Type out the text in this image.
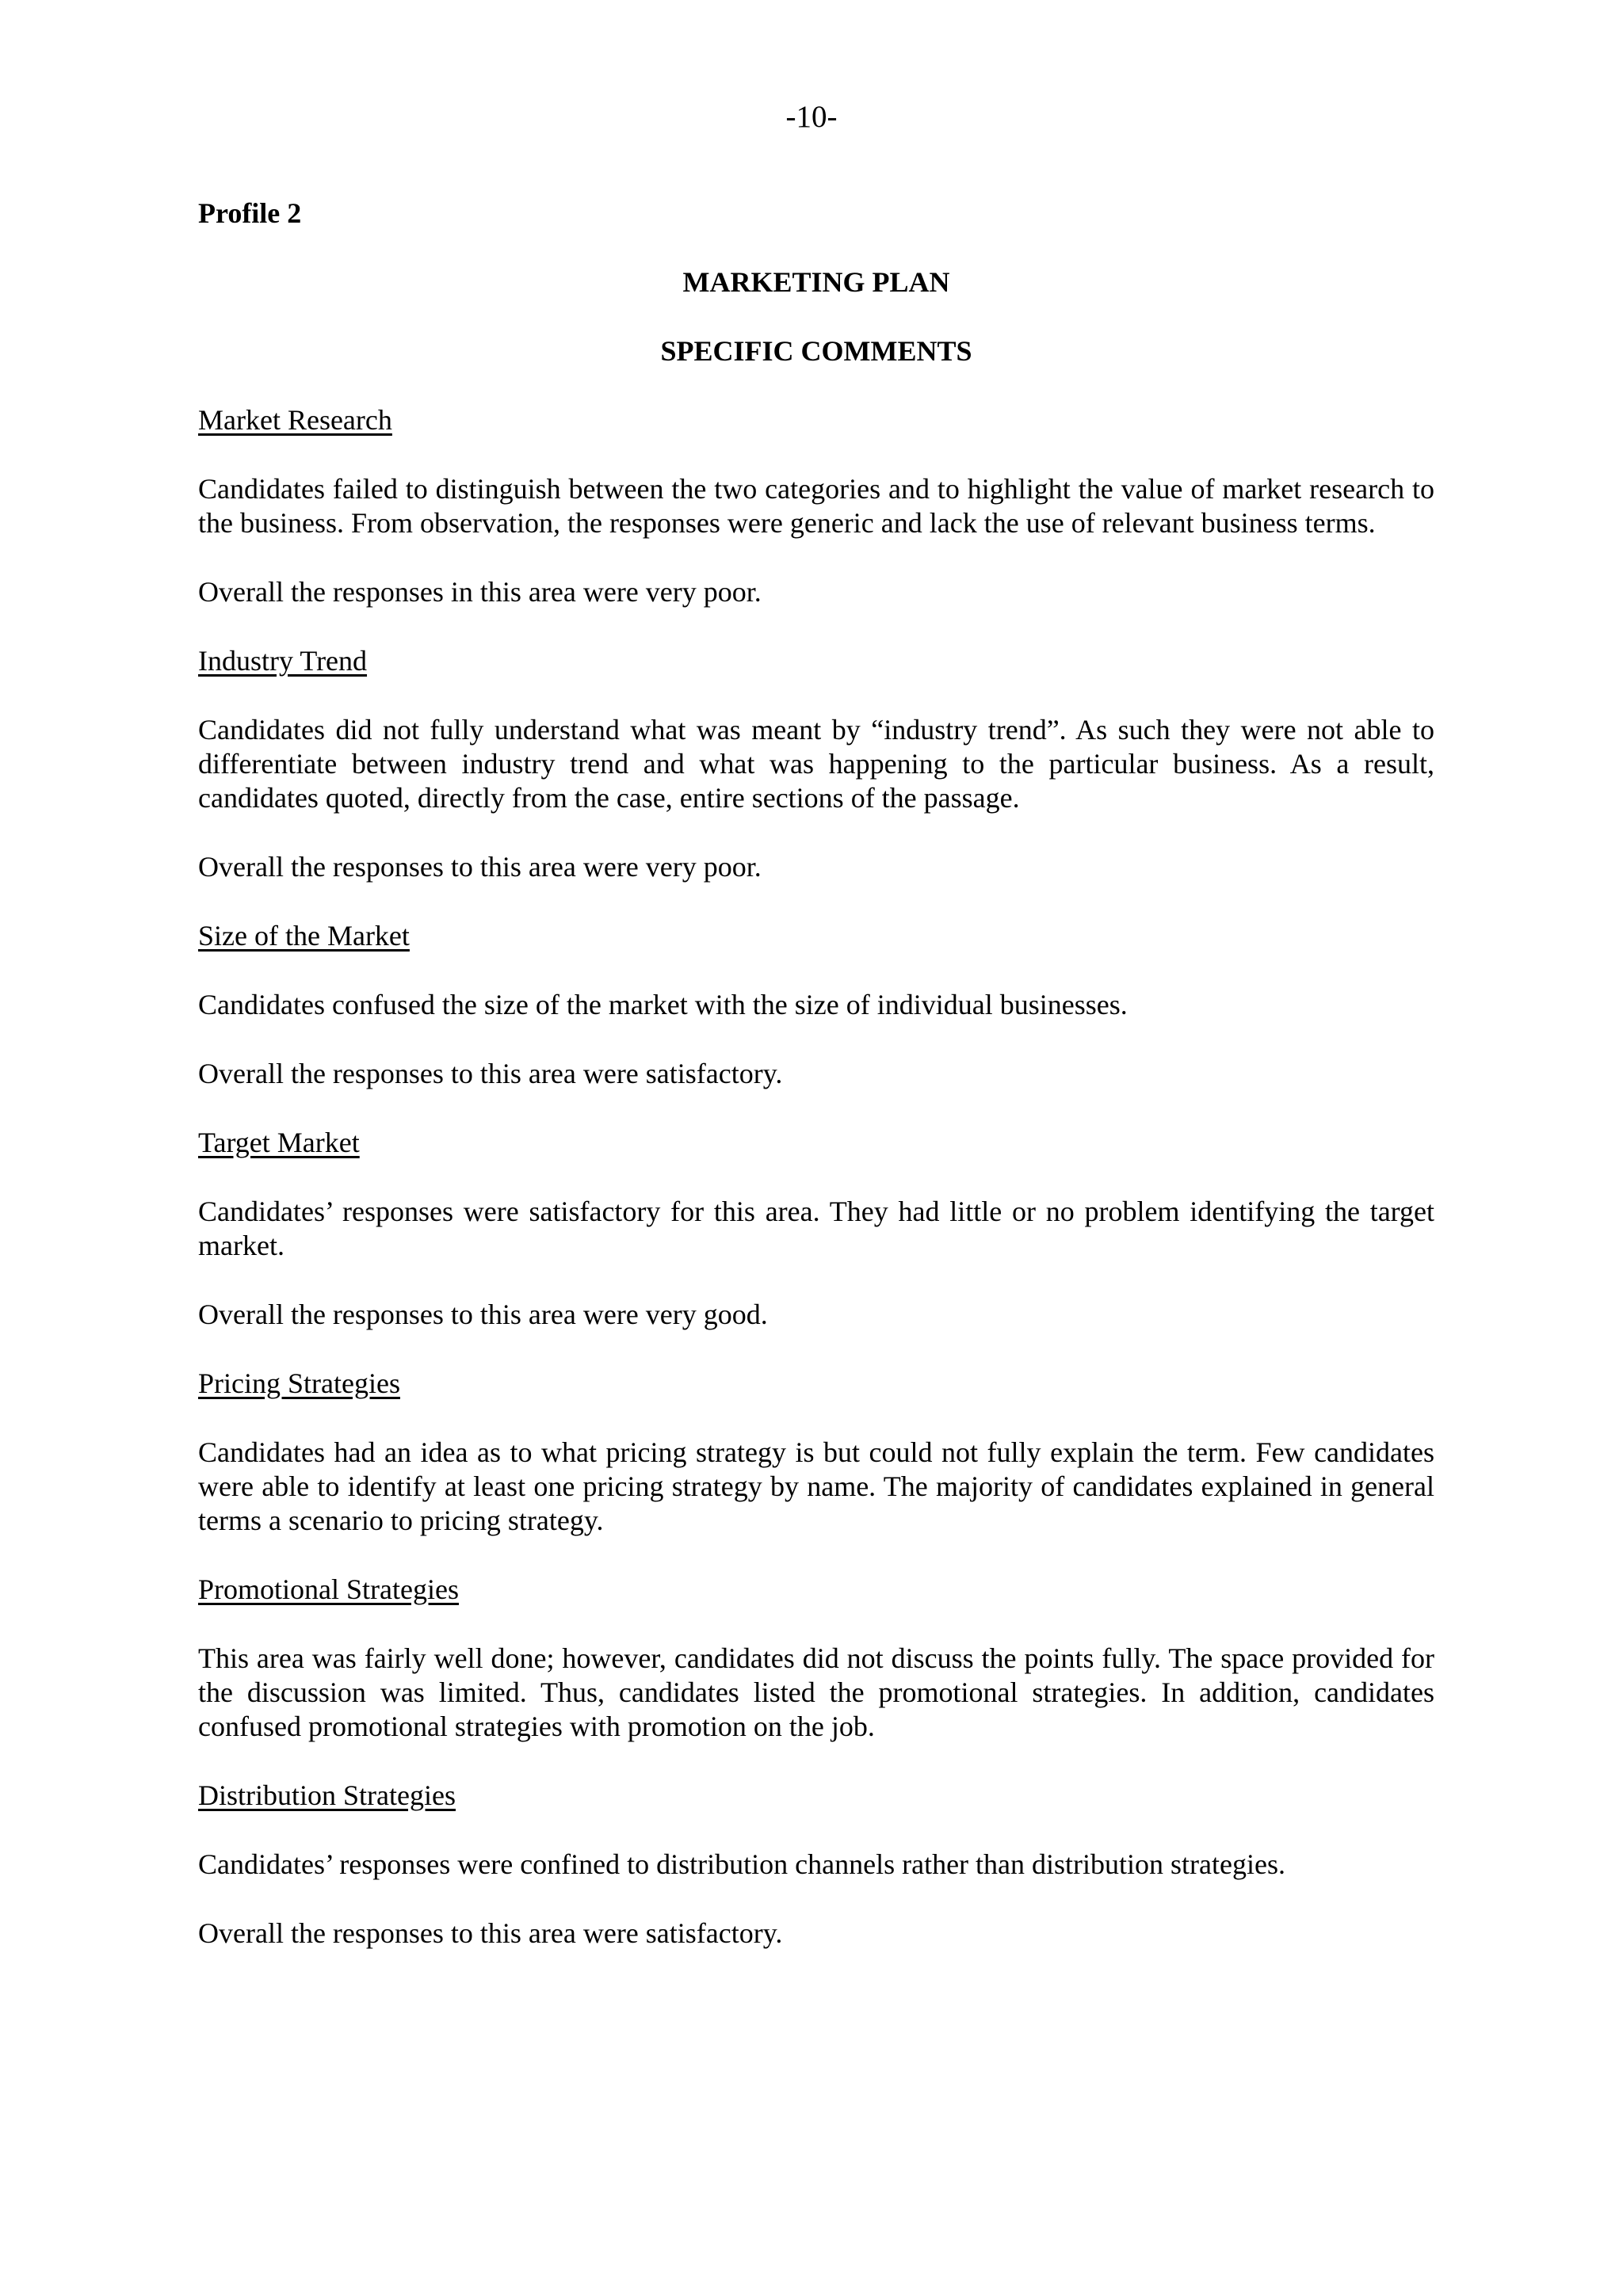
-10-

Profile 2

MARKETING PLAN
SPECIFIC COMMENTS
Market Research

Candidates failed to distinguish between the two categories and to highlight the value of market research to the business. From observation, the responses were generic and lack the use of relevant business terms.

Overall the responses in this area were very poor.

Industry Trend

Candidates did not fully understand what was meant by “industry trend”. As such they were not able to differentiate between industry trend and what was happening to the particular business. As a result, candidates quoted, directly from the case, entire sections of the passage.

Overall the responses to this area were very poor.

Size of the Market

Candidates confused the size of the market with the size of individual businesses.

Overall the responses to this area were satisfactory.

Target Market

Candidates’ responses were satisfactory for this area. They had little or no problem identifying the target market.

Overall the responses to this area were very good.

Pricing Strategies

Candidates had an idea as to what pricing strategy is but could not fully explain the term. Few candidates were able to identify at least one pricing strategy by name. The majority of candidates explained in general terms a scenario to pricing strategy.

Promotional Strategies

This area was fairly well done; however, candidates did not discuss the points fully. The space provided for the discussion was limited. Thus, candidates listed the promotional strategies. In addition, candidates confused promotional strategies with promotion on the job.

Distribution Strategies

Candidates’ responses were confined to distribution channels rather than distribution strategies.

Overall the responses to this area were satisfactory.
